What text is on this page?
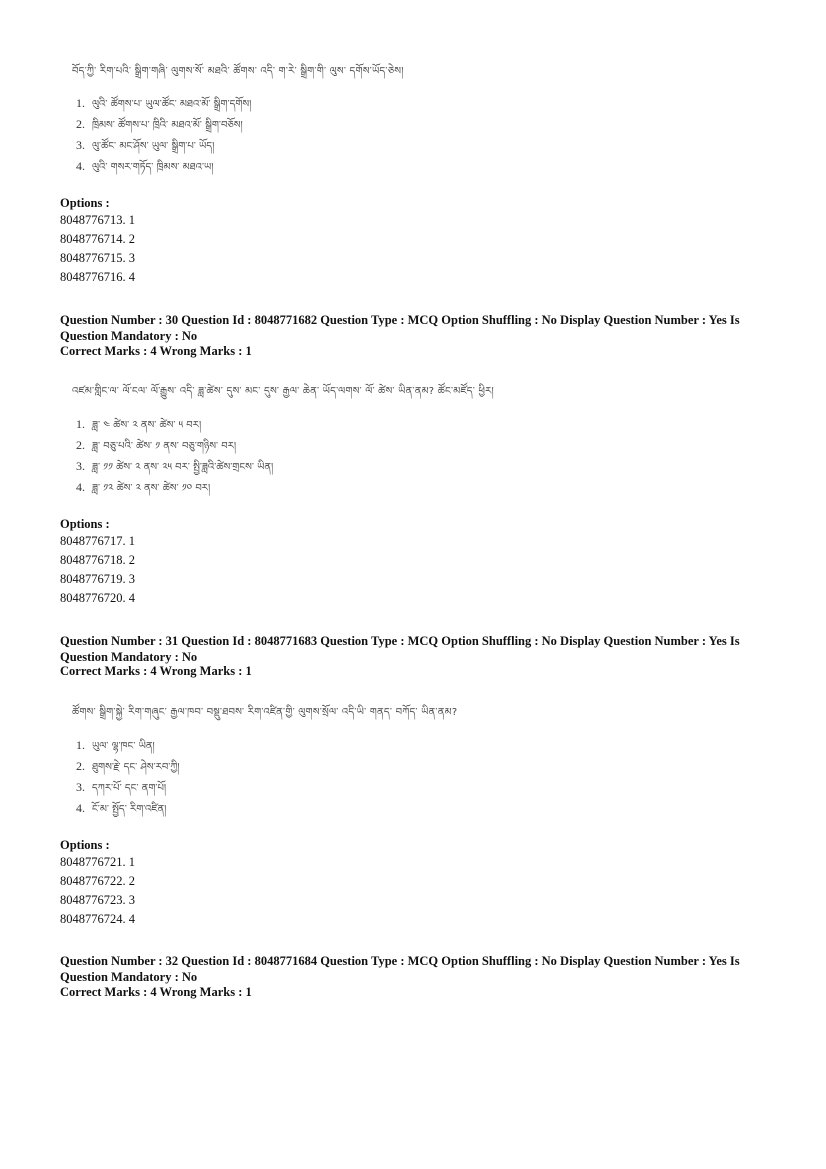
བོད་ཀྱི་ རིག་པའི་ སྒྲིག་གཞི་ ལུགས་སོ་ མཐའི་ ཚོགས་ འདི་ ག་རེ་ སྒྲིག་གི་ ལུས་ དགོས་ཡོད་ཅེས།
1. ལུའི་ ཚོགས་པ་ ཡུལ་ཚོང་ མཐའ་མོ་ སྒྲིག་དགོས།
2. ཁྲིམས་ ཚོགས་པ་ ཁྲིའི་ མཐའ་མོ་ སྒྲིག་བཅོས།
3. ལུ་ཚོང་ མང་ཤོས་ ཡུལ་ སྒྲིག་པ་ ཡོད།
4. ལུའི་ གསར་གཏོད་ ཁྲིམས་ མཐའ་ཡ།
Options :
8048776713. 1
8048776714. 2
8048776715. 3
8048776716. 4
Question Number : 30 Question Id : 8048771682 Question Type : MCQ Option Shuffling : No Display Question Number : Yes Is
Question Mandatory : No
Correct Marks : 4 Wrong Marks : 1
འཛམ་གླིང་ལ་ ལོ་ངལ་ ལོ་རྒྱུས་ འདི་ ཟླ་ཚེས་ དུས་ མང་ དུས་ རྒྱལ་ ཆེན་ ཡོད་ལགས་ ལོ་ ཚེས་ ཡིན་ནམ? ཚོང་མཛོད་ ཕྱིར།
1. ཟླ་ ༤ ཚེས་ ༢ ནས་ ཚེས་ ༥ བར།
2. ཟླ་ བཅུ་པའི་ ཚེས་ ༡ ནས་ བཅུ་གཉིས་ བར།
3. ཟླ་ ༡༡ ཚེས་ ༢ ནས་ ༢༥ བར་ སྤྱི་ཟླའི་ཚེས་གྲངས་ ཡིན།
4. ཟླ་ ༡༢ ཚེས་ ༢ ནས་ ཚེས་ ༡༠ བར།
Options :
8048776717. 1
8048776718. 2
8048776719. 3
8048776720. 4
Question Number : 31 Question Id : 8048771683 Question Type : MCQ Option Shuffling : No Display Question Number : Yes Is
Question Mandatory : No
Correct Marks : 4 Wrong Marks : 1
ཚོགས་ སྒྲིག་སྐྱེ་ རིག་གཞུང་ རྒྱལ་ཁབ་ བསྡུ་ཐབས་ རིག་འཛིན་གྱི་ ལུགས་སྲོལ་ འདི་ཡི་ གནད་ བཀོད་ ཡིན་ནམ?
1. ཡུལ་ ལྷ་ཁང་ ཡིན།
2. ཐུགས་རྗེ་ དང་ ཤེས་རབ་ཀྱི།
3. དཀར་པོ་ དང་ ནག་པོ།
4. ངོ་མ་ སྤྱོད་ རིག་འཛིན།
Options :
8048776721. 1
8048776722. 2
8048776723. 3
8048776724. 4
Question Number : 32 Question Id : 8048771684 Question Type : MCQ Option Shuffling : No Display Question Number : Yes Is
Question Mandatory : No
Correct Marks : 4 Wrong Marks : 1
